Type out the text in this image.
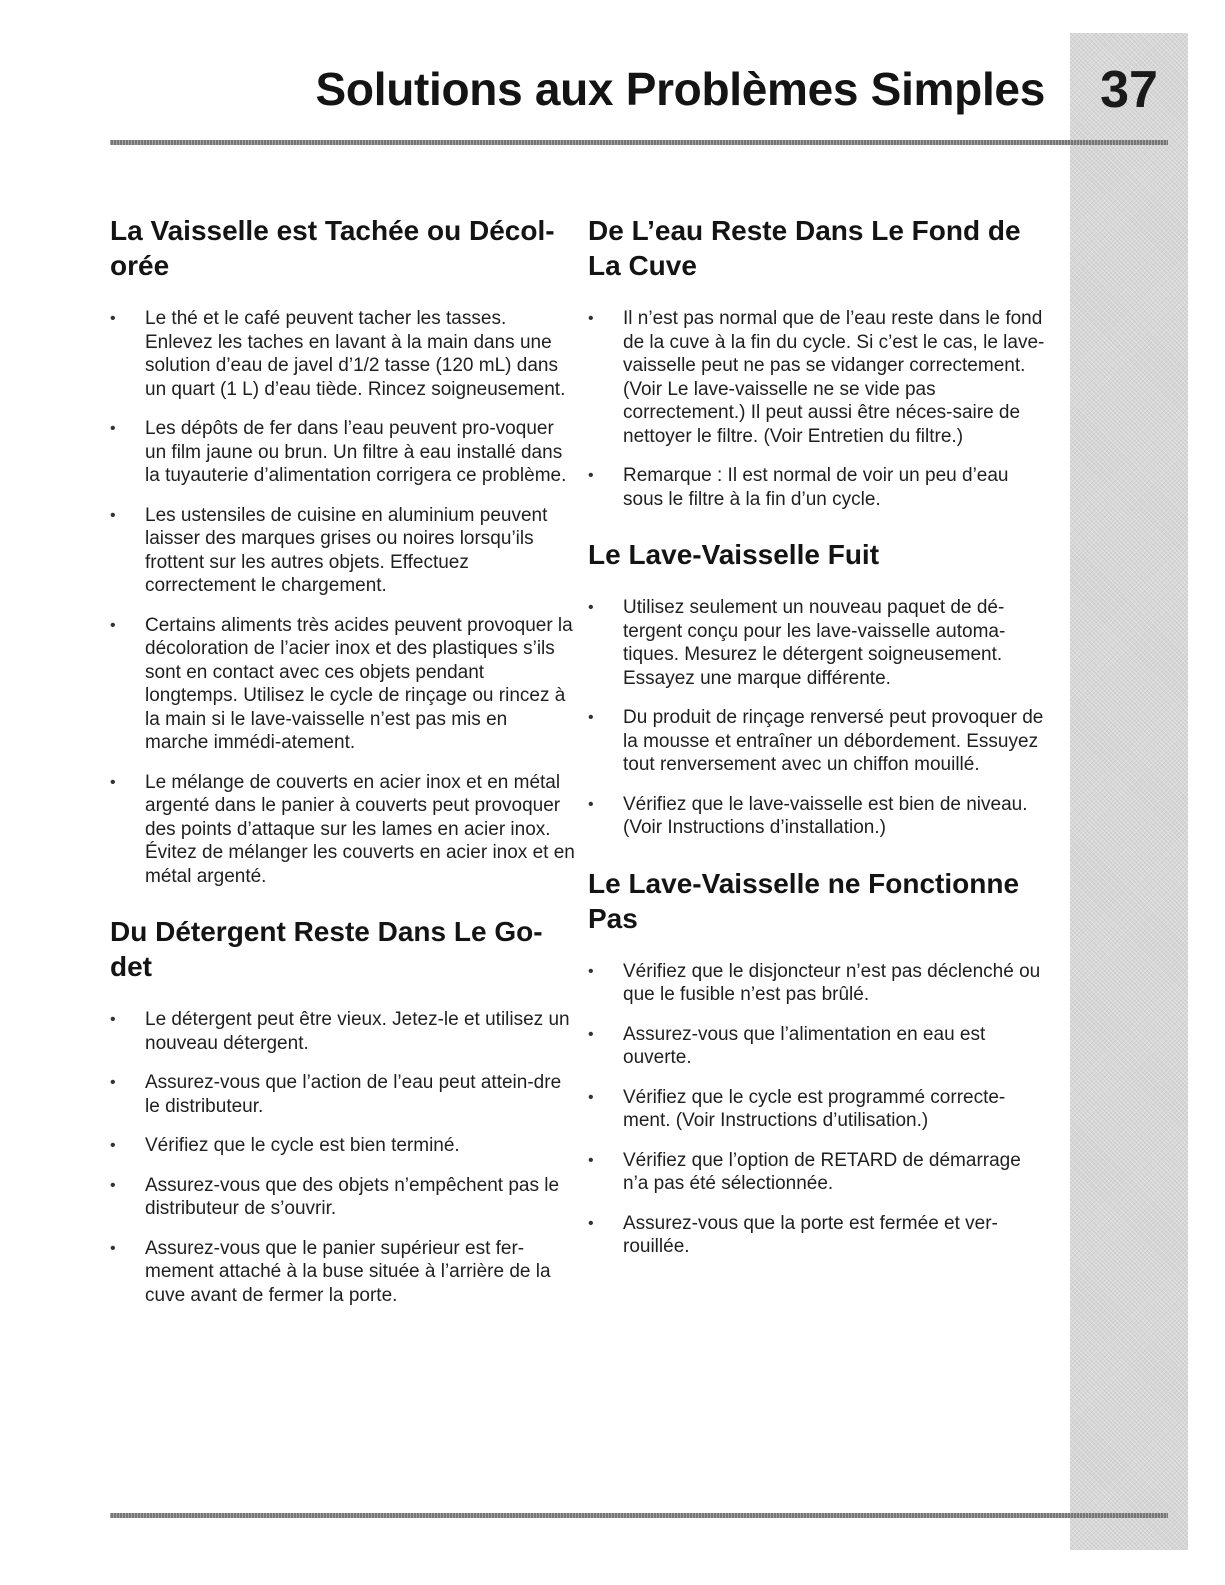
Solutions aux Problèmes Simples	37
La Vaisselle est Tachée ou Décol-orée
• Le thé et le café peuvent tacher les tasses. Enlevez les taches en lavant à la main dans une solution d’eau de javel d’1/2 tasse (120 mL) dans un quart (1 L) d’eau tiède. Rincez soigneusement.
• Les dépôts de fer dans l’eau peuvent pro-voquer un film jaune ou brun. Un filtre à eau installé dans la tuyauterie d’alimentation corrigera ce problème.
• Les ustensiles de cuisine en aluminium peuvent laisser des marques grises ou noires lorsqu’ils frottent sur les autres objets. Effectuez correctement le chargement.
• Certains aliments très acides peuvent provoquer la décoloration de l’acier inox et des plastiques s’ils sont en contact avec ces objets pendant longtemps. Utilisez le cycle de rinçage ou rincez à la main si le lave-vaisselle n’est pas mis en marche immédi-atement.
• Le mélange de couverts en acier inox et en métal argenté dans le panier à couverts peut provoquer des points d’attaque sur les lames en acier inox. Évitez de mélanger les couverts en acier inox et en métal argenté.
Du Détergent Reste Dans Le Go-det
• Le détergent peut être vieux. Jetez-le et utilisez un nouveau détergent.
• Assurez-vous que l’action de l’eau peut attein-dre le distributeur.
• Vérifiez que le cycle est bien terminé.
• Assurez-vous que des objets n’empêchent pas le distributeur de s’ouvrir.
• Assurez-vous que le panier supérieur est fer-mement attaché à la buse située à l’arrière de la cuve avant de fermer la porte.
De L’eau Reste Dans Le Fond de La Cuve
• Il n’est pas normal que de l’eau reste dans le fond de la cuve à la fin du cycle. Si c’est le cas, le lave-vaisselle peut ne pas se vidanger correctement. (Voir Le lave-vaisselle ne se vide pas correctement.) Il peut aussi être néces-saire de nettoyer le filtre. (Voir Entretien du filtre.)
• Remarque : Il est normal de voir un peu d’eau sous le filtre à la fin d’un cycle.
Le Lave-Vaisselle Fuit
• Utilisez seulement un nouveau paquet de dé-tergent conçu pour les lave-vaisselle automa-tiques. Mesurez le détergent soigneusement. Essayez une marque différente.
• Du produit de rinçage renversé peut provoquer de la mousse et entraîner un débordement. Essuyez tout renversement avec un chiffon mouillé.
• Vérifiez que le lave-vaisselle est bien de niveau. (Voir Instructions d’installation.)
Le Lave-Vaisselle ne Fonctionne Pas
• Vérifiez que le disjoncteur n’est pas déclenché ou que le fusible n’est pas brûlé.
• Assurez-vous que l’alimentation en eau est ouverte.
• Vérifiez que le cycle est programmé correcte-ment. (Voir Instructions d’utilisation.)
• Vérifiez que l’option de RETARD de démarrage n’a pas été sélectionnée.
• Assurez-vous que la porte est fermée et ver-rouillée.
